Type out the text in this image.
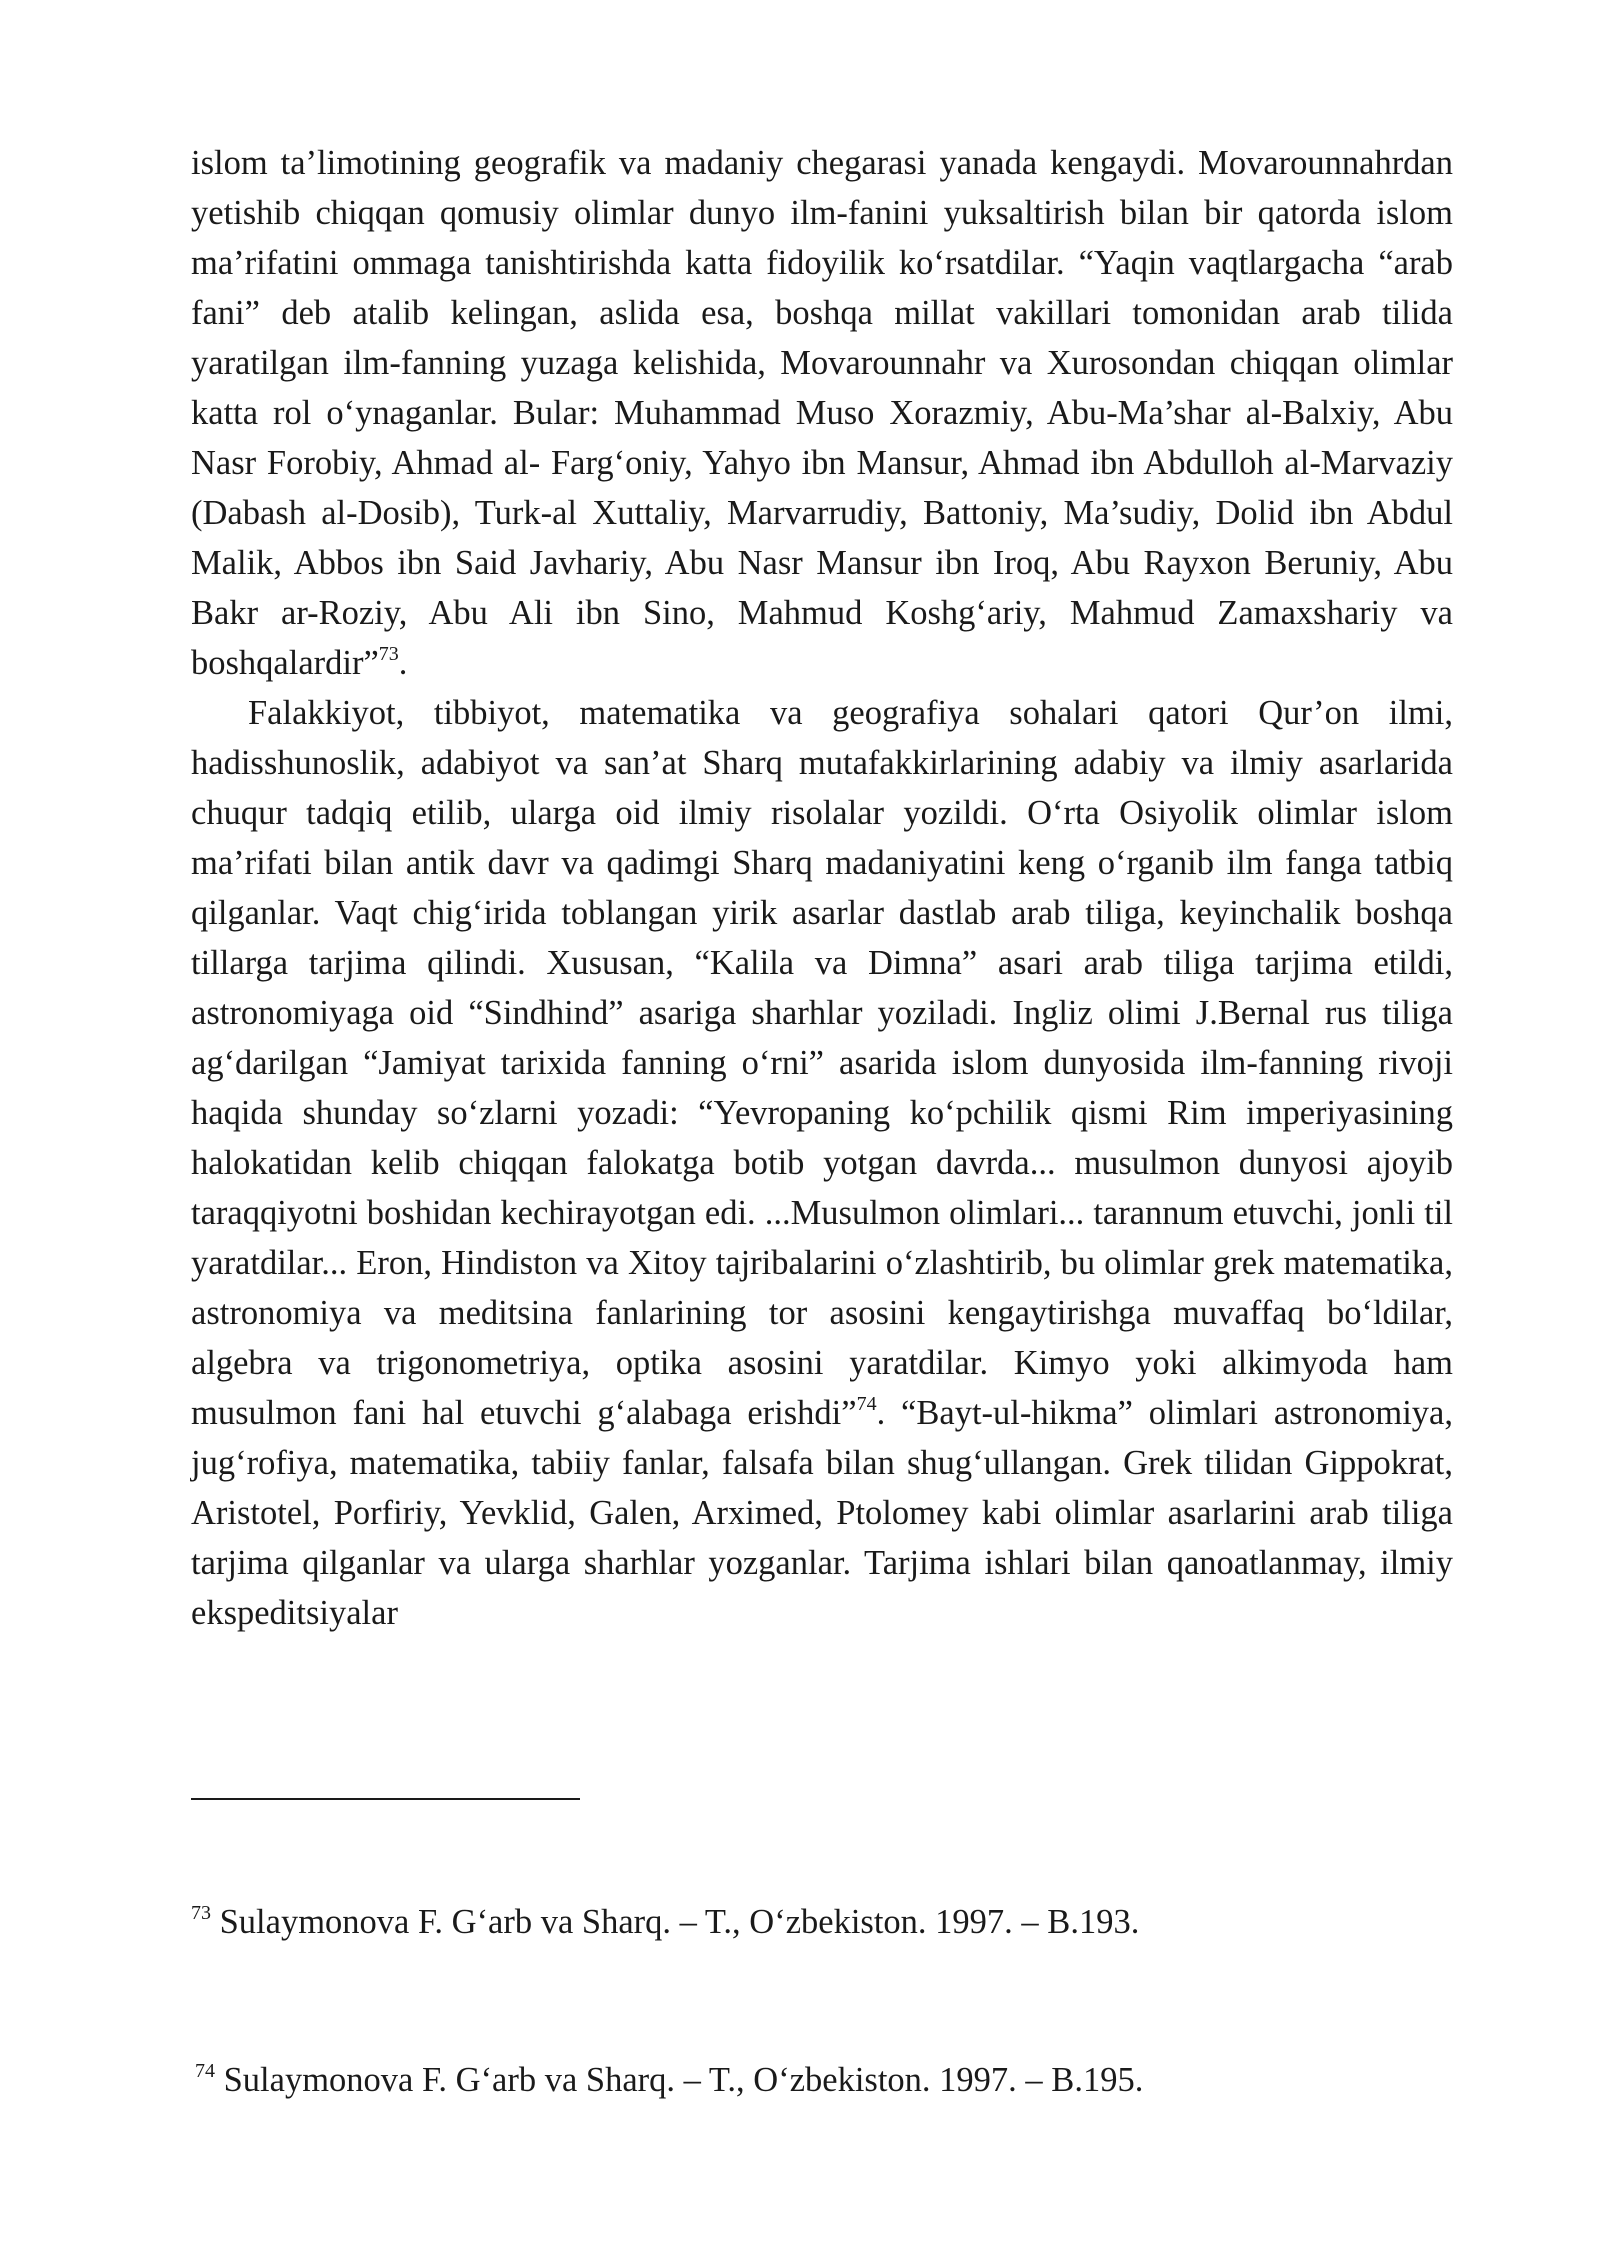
islom ta’limotining geografik va madaniy chegarasi yanada kengaydi. Movarounnahrdan yetishib chiqqan qomusiy olimlar dunyo ilm-fanini yuksaltirish bilan bir qatorda islom ma’rifatini ommaga tanishtirishda katta fidoyilik ko‘rsatdilar. “Yaqin vaqtlargacha “arab fani” deb atalib kelingan, aslida esa, boshqa millat vakillari tomonidan arab tilida yaratilgan ilm-fanning yuzaga kelishida, Movarounnahr va Xurosondan chiqqan olimlar katta rol o‘ynaganlar. Bular: Muhammad Muso Xorazmiy, Abu-Ma’shar al-Balxiy, Abu Nasr Forobiy, Ahmad al- Farg‘oniy, Yahyo ibn Mansur, Ahmad ibn Abdulloh al-Marvaziy (Dabash al-Dosib), Turk-al Xuttaliy, Marvarrudiy, Battoniy, Ma’sudiy, Dolid ibn Abdul Malik, Abbos ibn Said Javhariy, Abu Nasr Mansur ibn Iroq, Abu Rayxon Beruniy, Abu Bakr ar-Roziy, Abu Ali ibn Sino, Mahmud Koshg‘ariy, Mahmud Zamaxshariy va boshqalardir”$^{73}$.

Falakkiyot, tibbiyot, matematika va geografiya sohalari qatori Qur’on ilmi, hadisshunoslik, adabiyot va san’at Sharq mutafakkirlarining adabiy va ilmiy asarlarida chuqur tadqiq etilib, ularga oid ilmiy risolalar yozildi. O‘rta Osiyolik olimlar islom ma’rifati bilan antik davr va qadimgi Sharq madaniyatini keng o‘rganib ilm fanga tatbiq qilganlar. Vaqt chig‘irida toblangan yirik asarlar dastlab arab tiliga, keyinchalik boshqa tillarga tarjima qilindi. Xususan, “Kalila va Dimna” asari arab tiliga tarjima etildi, astronomiyaga oid “Sindhind” asariga sharhlar yoziladi. Ingliz olimi J.Bernal rus tiliga ag‘darilgan “Jamiyat tarixida fanning o‘rni” asarida islom dunyosida ilm-fanning rivoji haqida shunday so‘zlarni yozadi: “Yevropaning ko‘pchilik qismi Rim imperiyasining halokatidan kelib chiqqan falokatga botib yotgan davrda... musulmon dunyosi ajoyib taraqqiyotni boshidan kechirayotgan edi. ...Musulmon olimlari... tarannum etuvchi, jonli til yaratdilar... Eron, Hindiston va Xitoy tajribalarini o‘zlashtirib, bu olimlar grek matematika, astronomiya va meditsina fanlarining tor asosini kengaytirishga muvaffaq bo‘ldilar, algebra va trigonometriya, optika asosini yaratdilar. Kimyo yoki alkimyoda ham musulmon fani hal etuvchi g‘alabaga erishdi”$^{74}$. “Bayt-ul-hikma” olimlari astronomiya, jug‘rofiya, matematika, tabiiy fanlar, falsafa bilan shug‘ullangan. Grek tilidan Gippokrat, Aristotel, Porfiriy, Yevklid, Galen, Arximed, Ptolomey kabi olimlar asarlarini arab tiliga tarjima qilganlar va ularga sharhlar yozganlar. Tarjima ishlari bilan qanoatlanmay, ilmiy ekspeditsiyalar

$^{73}$ Sulaymonova F. G‘arb va Sharq. – T., O‘zbekiston. 1997. – B.193.
$^{74}$ Sulaymonova F. G‘arb va Sharq. – T., O‘zbekiston. 1997. – B.195.
